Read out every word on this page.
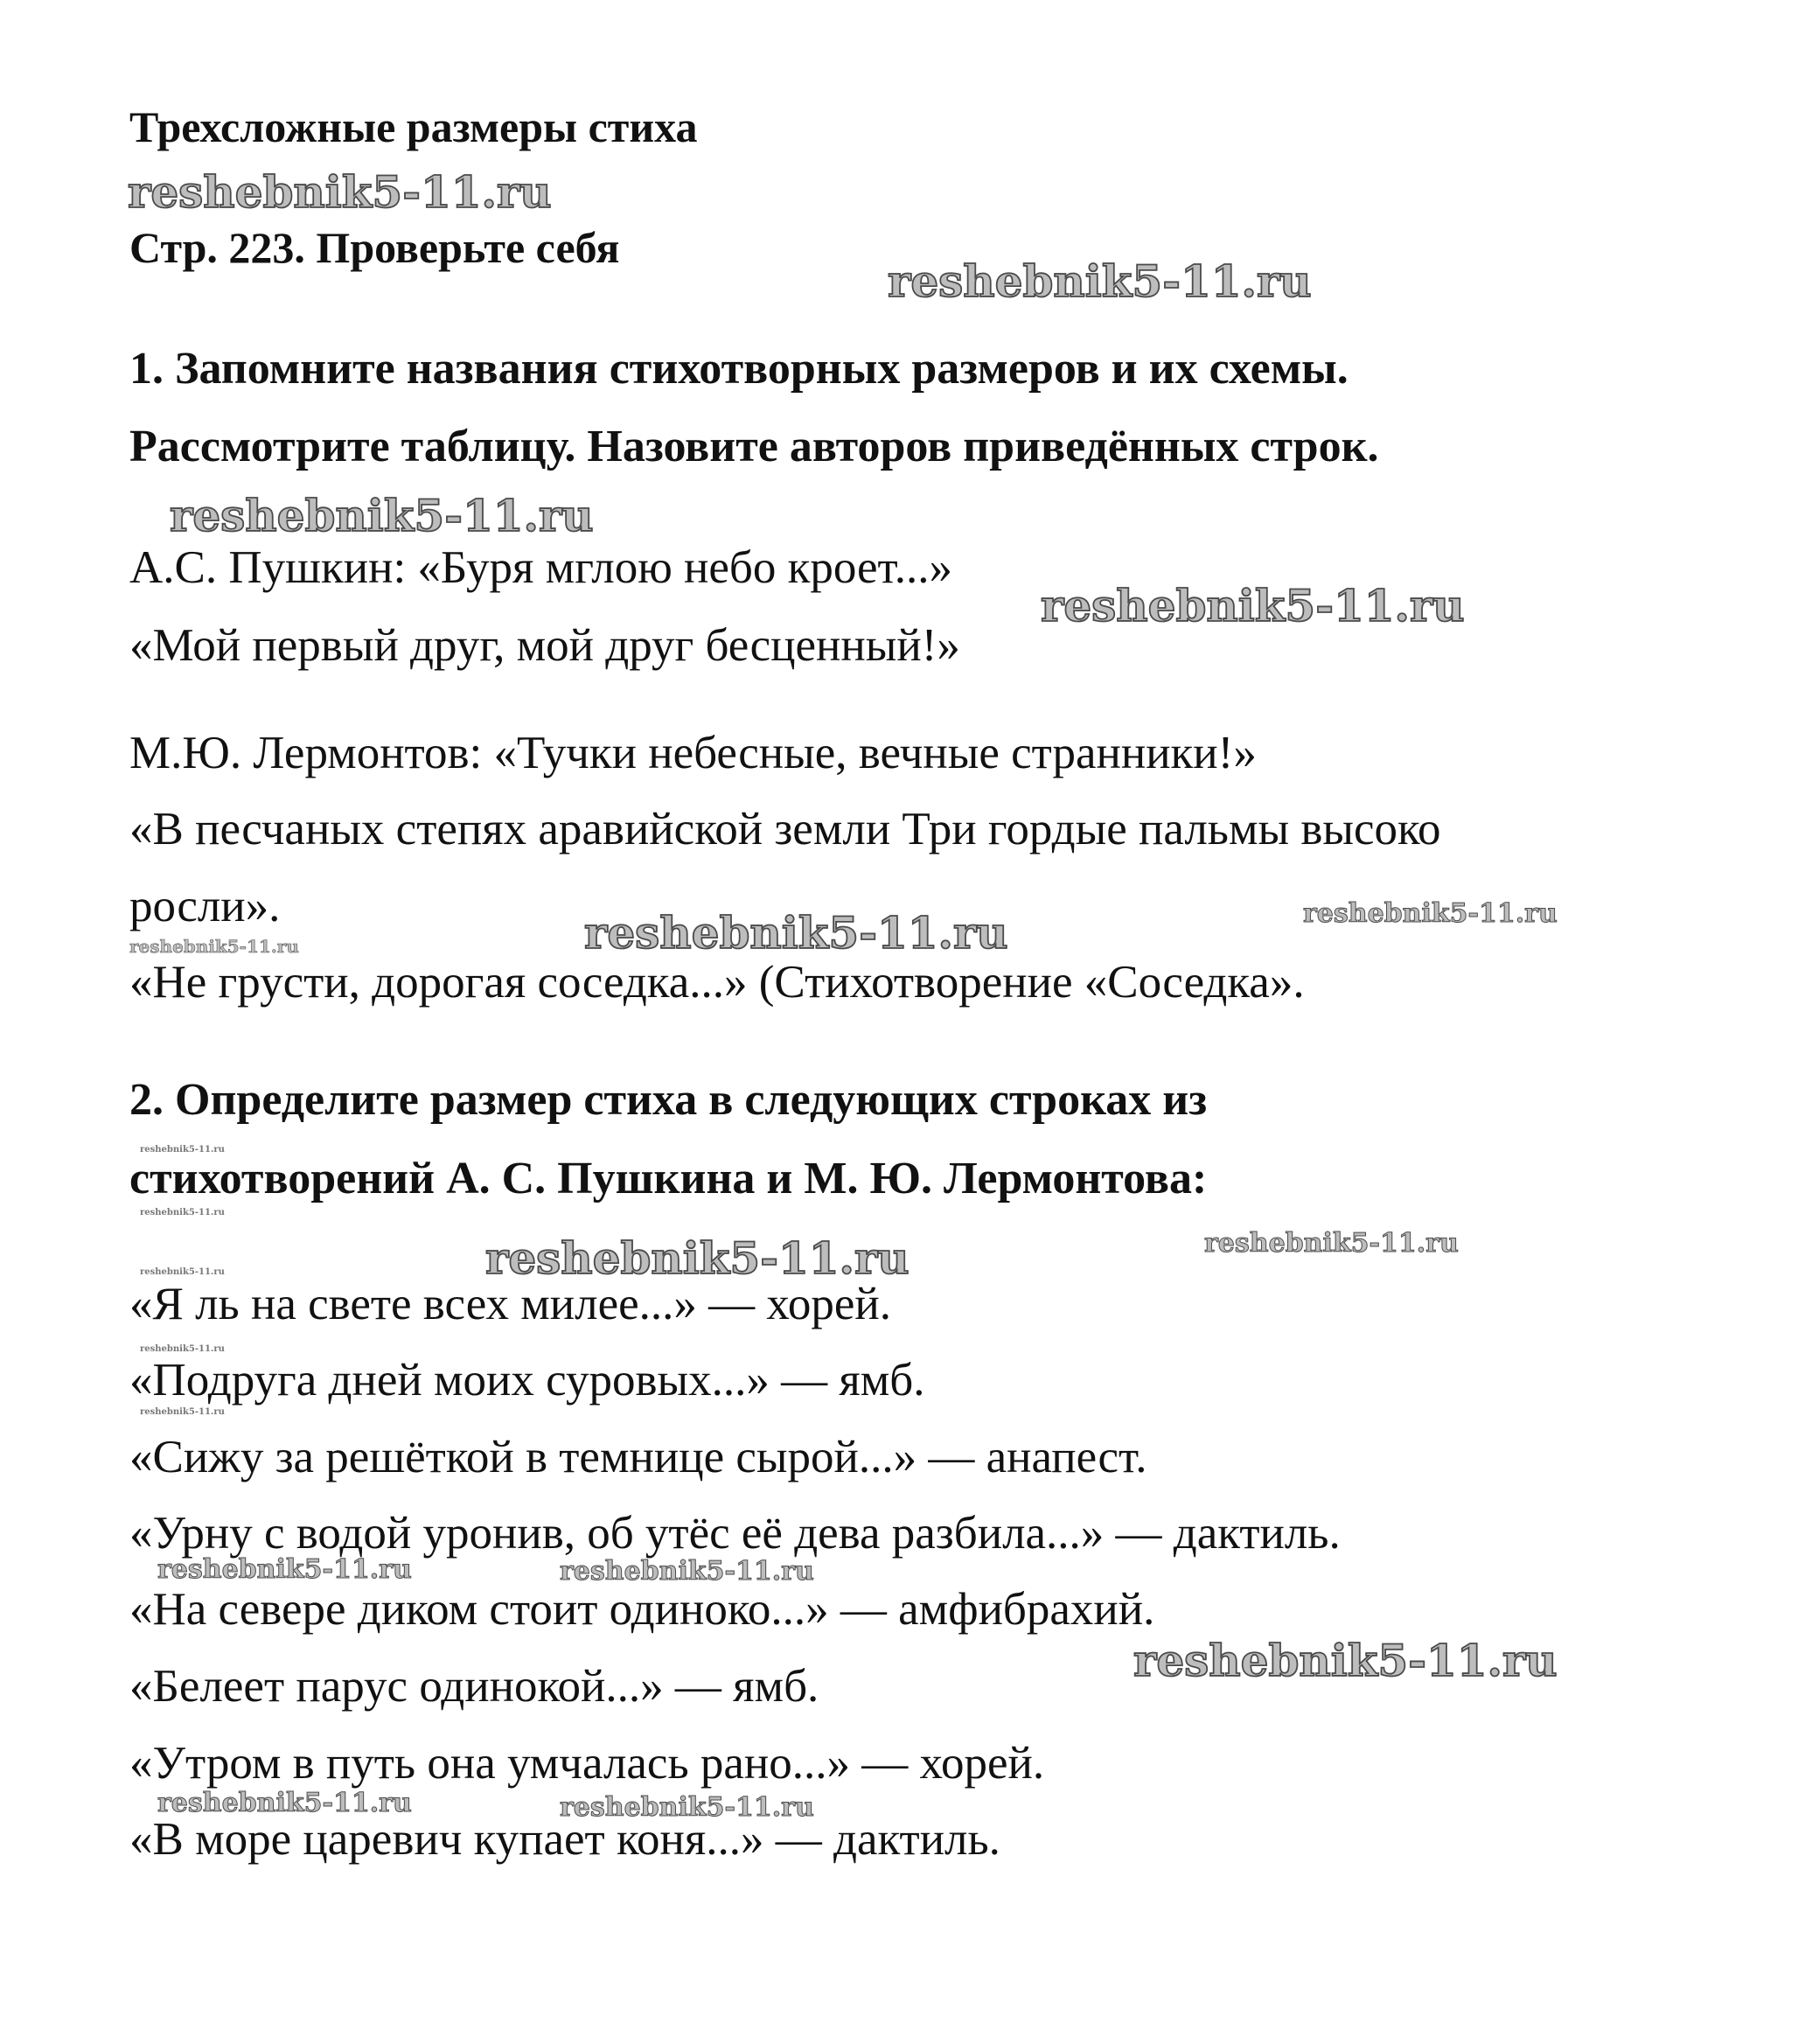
Трехсложные размеры стиха
Стр. 223. Проверьте себя
1. Запомните названия стихотворных размеров и их схемы.
Рассмотрите таблицу. Назовите авторов приведённых строк.
А.С. Пушкин: «Буря мглою небо кроет...»
«Мой первый друг, мой друг бесценный!»
М.Ю. Лермонтов: «Тучки небесные, вечные странники!»
«В песчаных степях аравийской земли Три гордые пальмы высоко
росли».
«Не грусти, дорогая соседка...» (Стихотворение «Соседка».
2. Определите размер стиха в следующих строках из
стихотворений А. С. Пушкина и М. Ю. Лермонтова:
«Я ль на свете всех милее...» — хорей.
«Подруга дней моих суровых...» — ямб.
«Сижу за решёткой в темнице сырой...» — анапест.
«Урну с водой уронив, об утёс её дева разбила...» — дактиль.
«На севере диком стоит одиноко...» — амфибрахий.
«Белеет парус одинокой...» — ямб.
«Утром в путь она умчалась рано...» — хорей.
«В море царевич купает коня...» — дактиль.
reshebnik5-11.ru
reshebnik5-11.ru
reshebnik5-11.ru
reshebnik5-11.ru
reshebnik5-11.ru	reshebnik5-11.ru
reshebnik5-11.ru
reshebnik5-11.ru
reshebnik5-11.ru
reshebnik5-11.ru	reshebnik5-11.ru
reshebnik5-11.ru
reshebnik5-11.ru
reshebnik5-11.ru
reshebnik5-11.ru	reshebnik5-11.ru
reshebnik5-11.ru
reshebnik5-11.ru	reshebnik5-11.ru
